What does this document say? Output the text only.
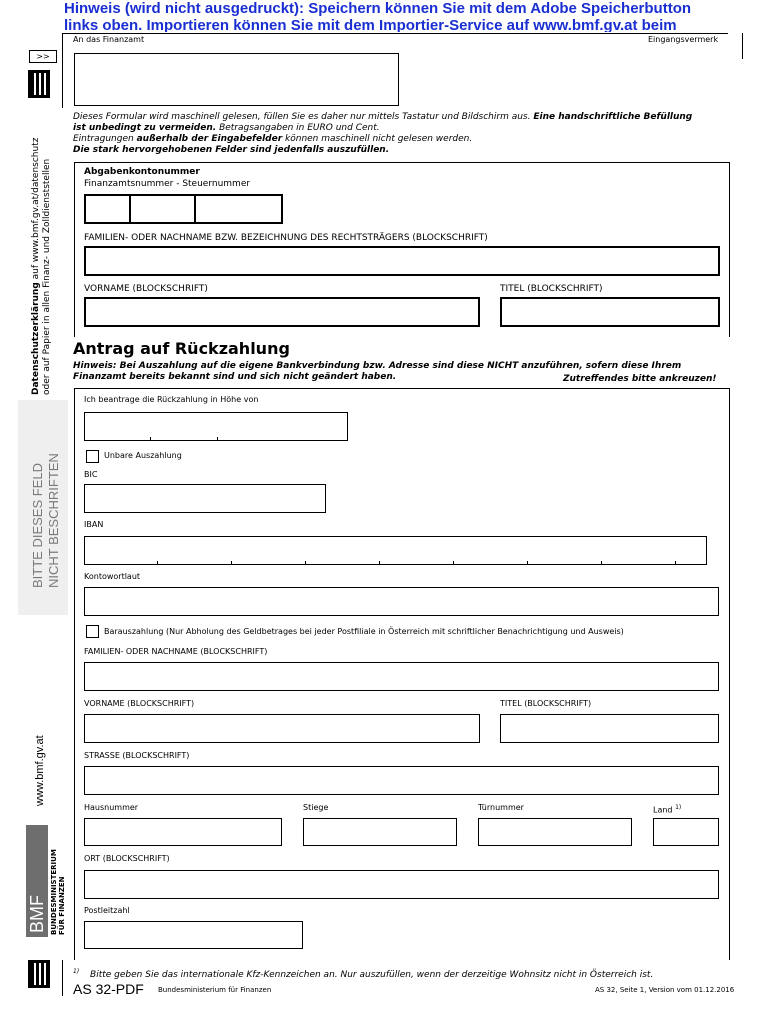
Hinweis (wird nicht ausgedruckt): Speichern können Sie mit dem Adobe Speicherbutton
links oben. Importieren können Sie mit dem Importier-Service auf www.bmf.gv.at beim
>>
An das Finanzamt	Eingangsvermerk
Dieses Formular wird maschinell gelesen, füllen Sie es daher nur mittels Tastatur und Bildschirm aus. Eine handschriftliche Befüllung
ist unbedingt zu vermeiden. Betragsangaben in EURO und Cent.
Eintragungen außerhalb der Eingabefelder können maschinell nicht gelesen werden.
Die stark hervorgehobenen Felder sind jedenfalls auszufüllen.
Datenschutzerklärung auf www.bmf.gv.at/datenschutz oder auf Papier in allen Finanz- und Zolldienststellen
BITTE DIESES FELD NICHT BESCHRIFTEN
www.bmf.gv.at
BMF BUNDESMINISTERIUM FÜR FINANZEN
Abgabenkontonummer
Finanzamtsnummer - Steuernummer
FAMILIEN- ODER NACHNAME BZW. BEZEICHNUNG DES RECHTSTRÄGERS (BLOCKSCHRIFT)
VORNAME (BLOCKSCHRIFT)	TITEL (BLOCKSCHRIFT)
Antrag auf Rückzahlung
Hinweis: Bei Auszahlung auf die eigene Bankverbindung bzw. Adresse sind diese NICHT anzuführen, sofern diese Ihrem
Finanzamt bereits bekannt sind und sich nicht geändert haben.	Zutreffendes bitte ankreuzen!
Ich beantrage die Rückzahlung in Höhe von
Unbare Auszahlung
BIC
IBAN
Kontowortlaut
Barauszahlung (Nur Abholung des Geldbetrages bei jeder Postfiliale in Österreich mit schriftlicher Benachrichtigung und Ausweis)
FAMILIEN- ODER NACHNAME (BLOCKSCHRIFT)
VORNAME (BLOCKSCHRIFT)	TITEL (BLOCKSCHRIFT)
STRASSE (BLOCKSCHRIFT)
Hausnummer	Stiege	Türnummer	Land $^{1)}$
ORT (BLOCKSCHRIFT)
Postleitzahl
$^{1)}$ Bitte geben Sie das internationale Kfz-Kennzeichen an. Nur auszufüllen, wenn der derzeitige Wohnsitz nicht in Österreich ist.
AS 32-PDF Bundesministerium für Finanzen	AS 32, Seite 1, Version vom 01.12.2016
